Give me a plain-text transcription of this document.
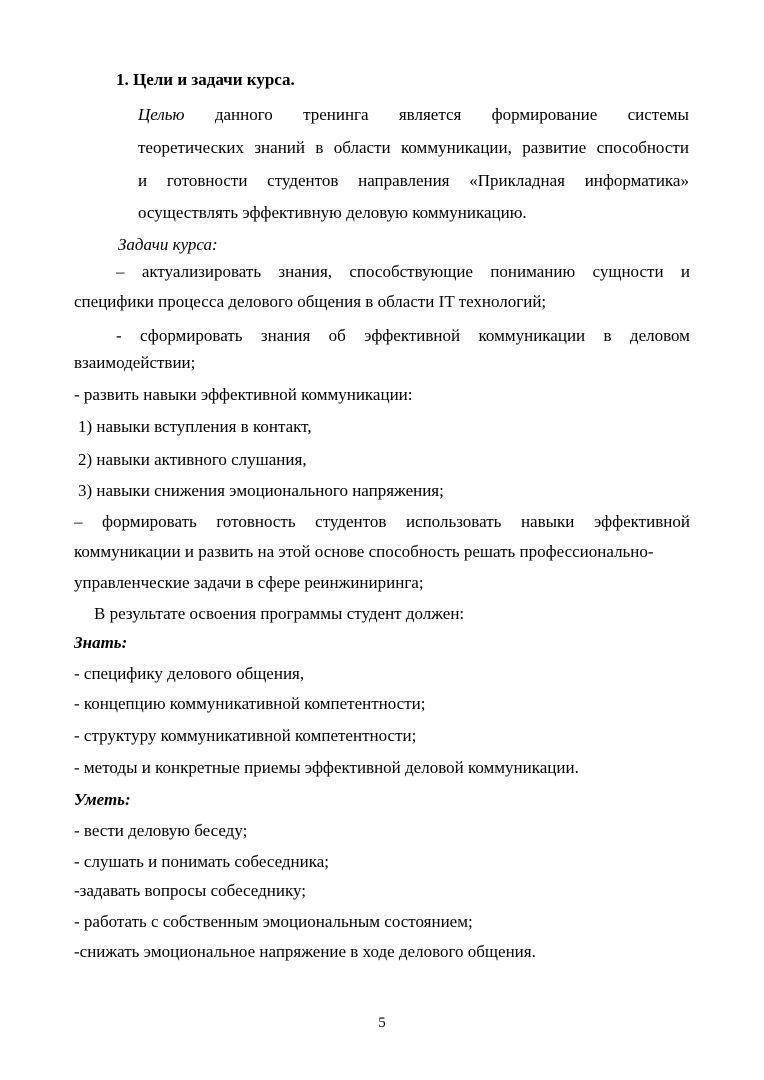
1. Цели и задачи курса.
Целью данного тренинга является формирование системы
теоретических знаний в области коммуникации, развитие способности
и готовности студентов направления «Прикладная информатика»
осуществлять эффективную деловую коммуникацию.
Задачи курса:
– актуализировать знания, способствующие пониманию сущности и
специфики процесса делового общения в области IT технологий;
- сформировать знания об эффективной коммуникации в деловом
взаимодействии;
- развить навыки эффективной коммуникации:
1) навыки вступления в контакт,
2) навыки активного слушания,
3) навыки снижения эмоционального напряжения;
– формировать готовность студентов использовать навыки эффективной
коммуникации и развить на этой основе способность решать профессионально-
управленческие задачи в сфере реинжиниринга;
В результате освоения программы студент должен:
Знать:
- специфику делового общения,
- концепцию коммуникативной компетентности;
- структуру коммуникативной компетентности;
- методы и конкретные приемы эффективной деловой коммуникации.
Уметь:
- вести деловую беседу;
- слушать и понимать собеседника;
-задавать вопросы собеседнику;
- работать с собственным эмоциональным состоянием;
-снижать эмоциональное напряжение в ходе делового общения.
5
